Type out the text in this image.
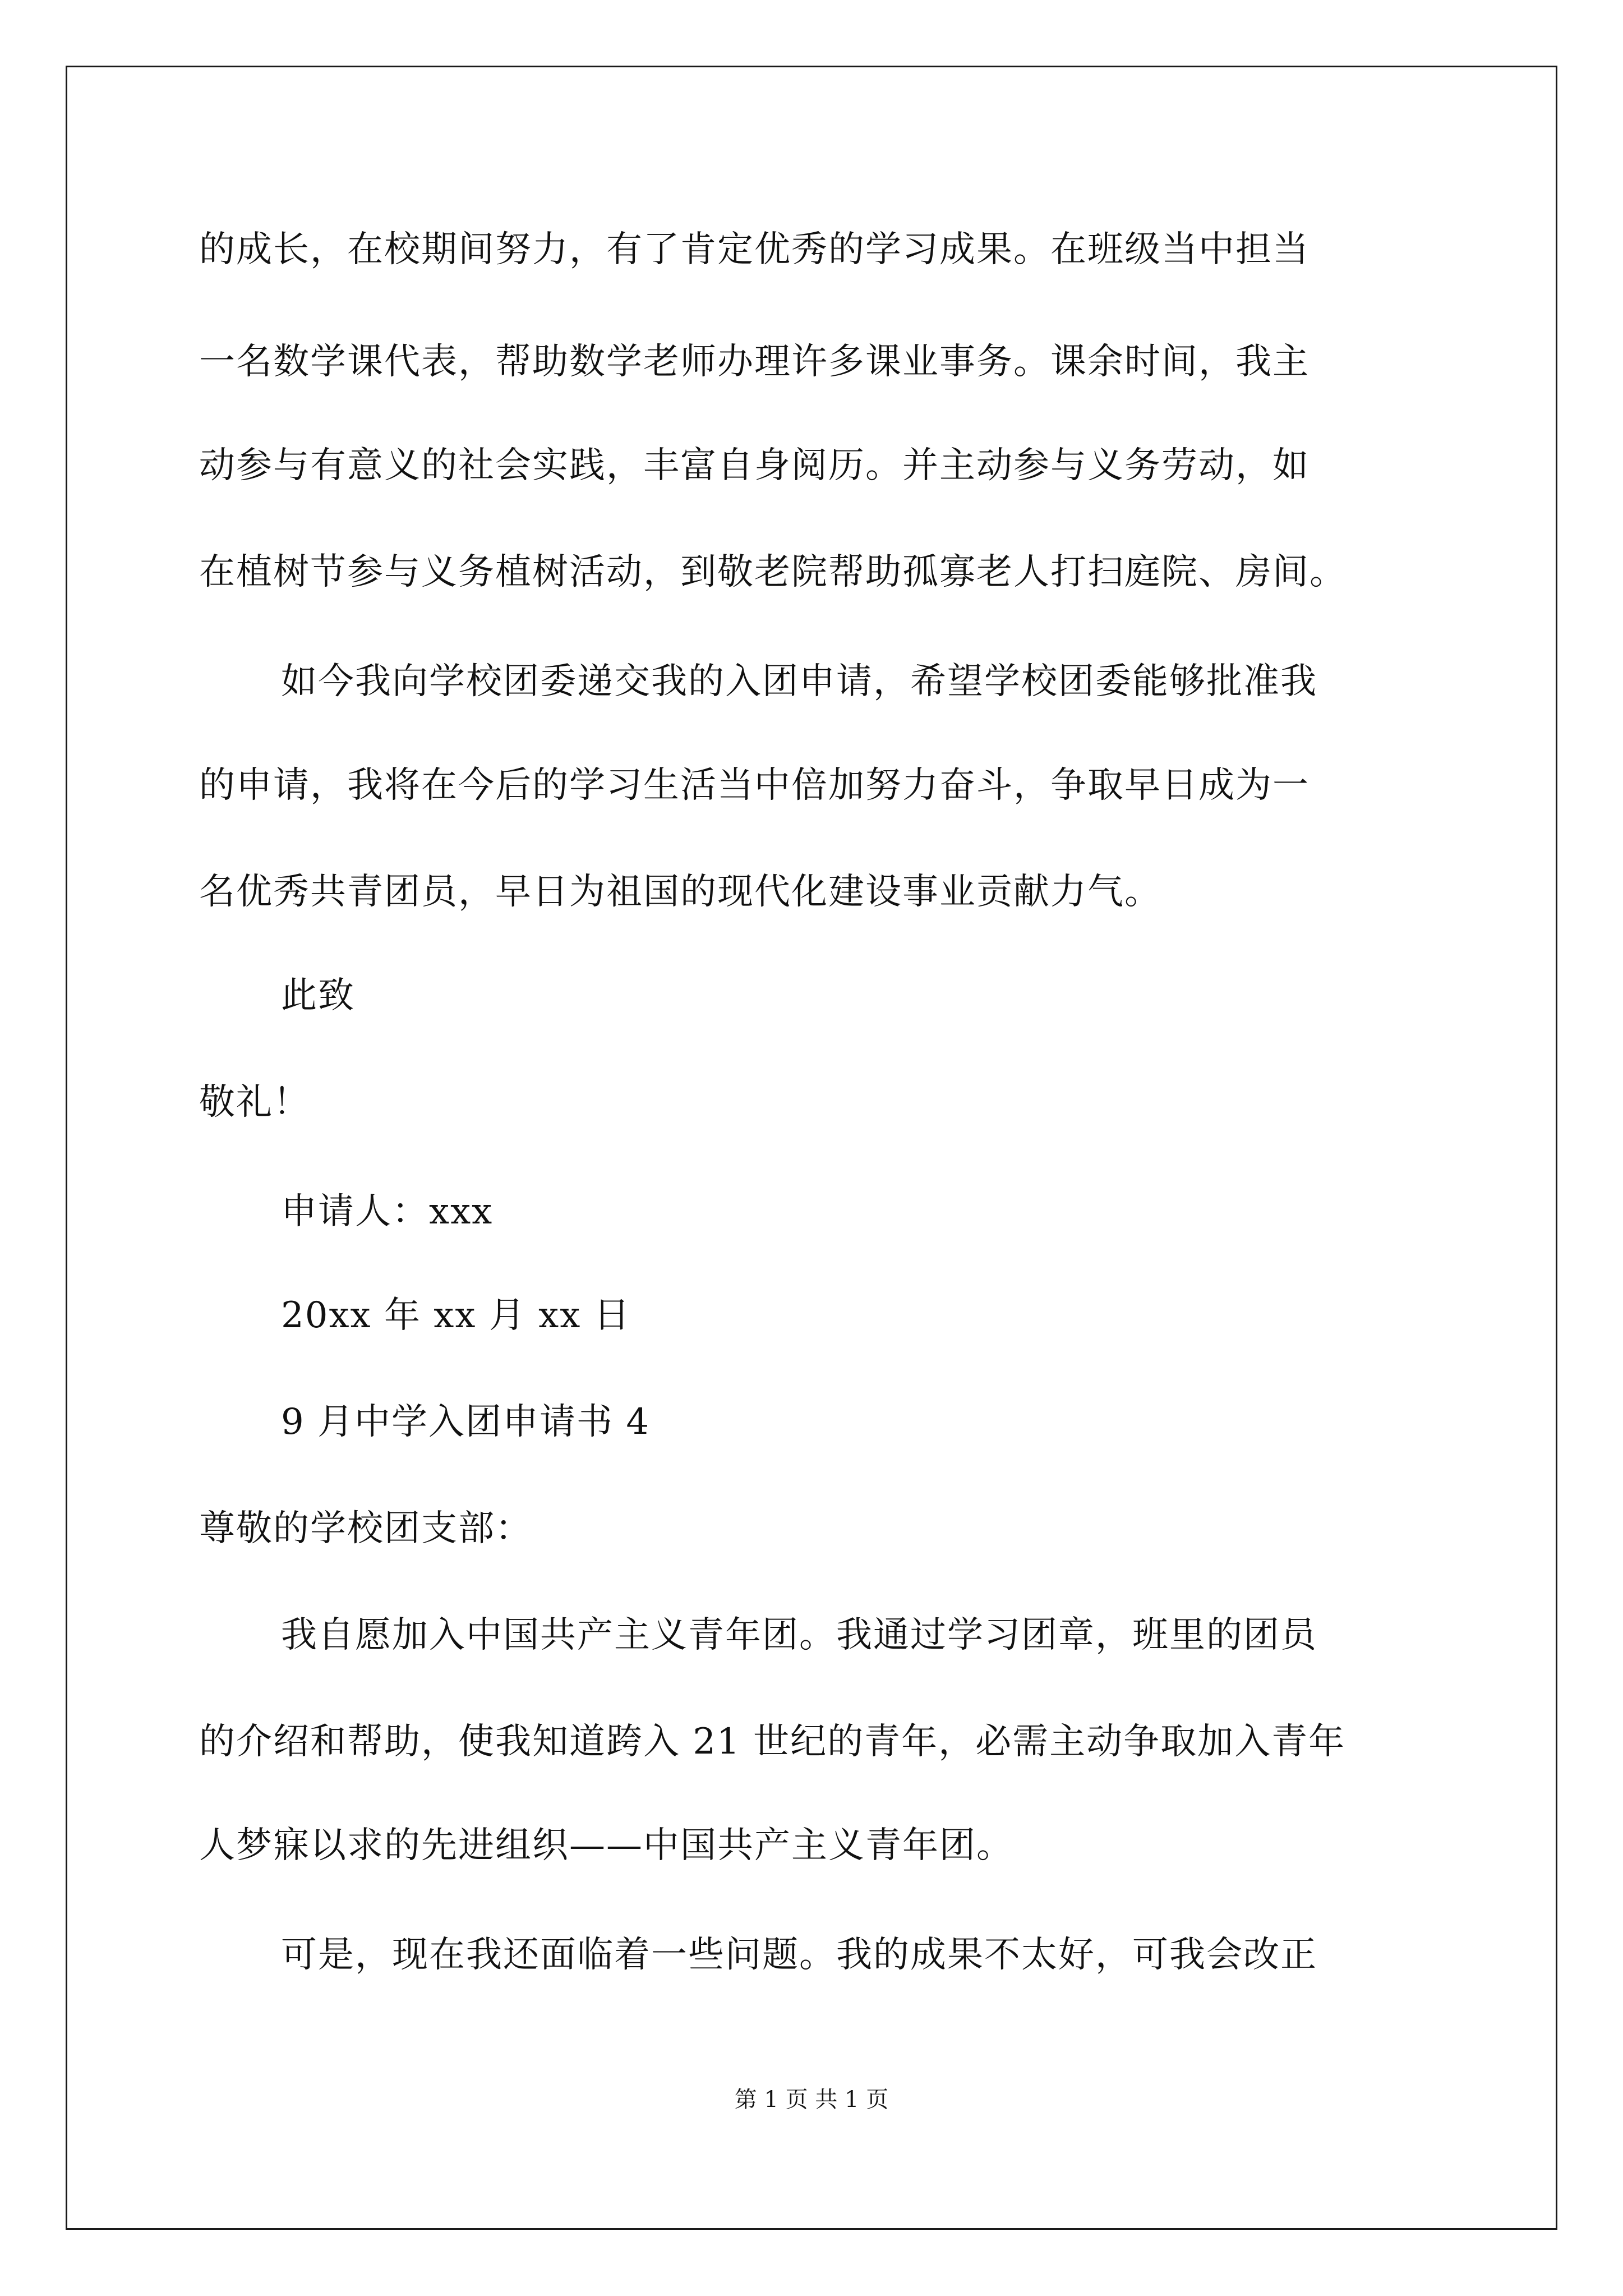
的成长，在校期间努力，有了肯定优秀的学习成果。在班级当中担当
一名数学课代表，帮助数学老师办理许多课业事务。课余时间，我主
动参与有意义的社会实践，丰富自身阅历。并主动参与义务劳动，如
在植树节参与义务植树活动，到敬老院帮助孤寡老人打扫庭院、房间。
如今我向学校团委递交我的入团申请，希望学校团委能够批准我
的申请，我将在今后的学习生活当中倍加努力奋斗，争取早日成为一
名优秀共青团员，早日为祖国的现代化建设事业贡献力气。
此致
敬礼！
申请人：xxx
20xx 年 xx 月 xx 日
9 月中学入团申请书 4
尊敬的学校团支部：
我自愿加入中国共产主义青年团。我通过学习团章，班里的团员
的介绍和帮助，使我知道跨入 21 世纪的青年，必需主动争取加入青年
人梦寐以求的先进组织——中国共产主义青年团。
可是，现在我还面临着一些问题。我的成果不太好，可我会改正
第 1 页 共 1 页
